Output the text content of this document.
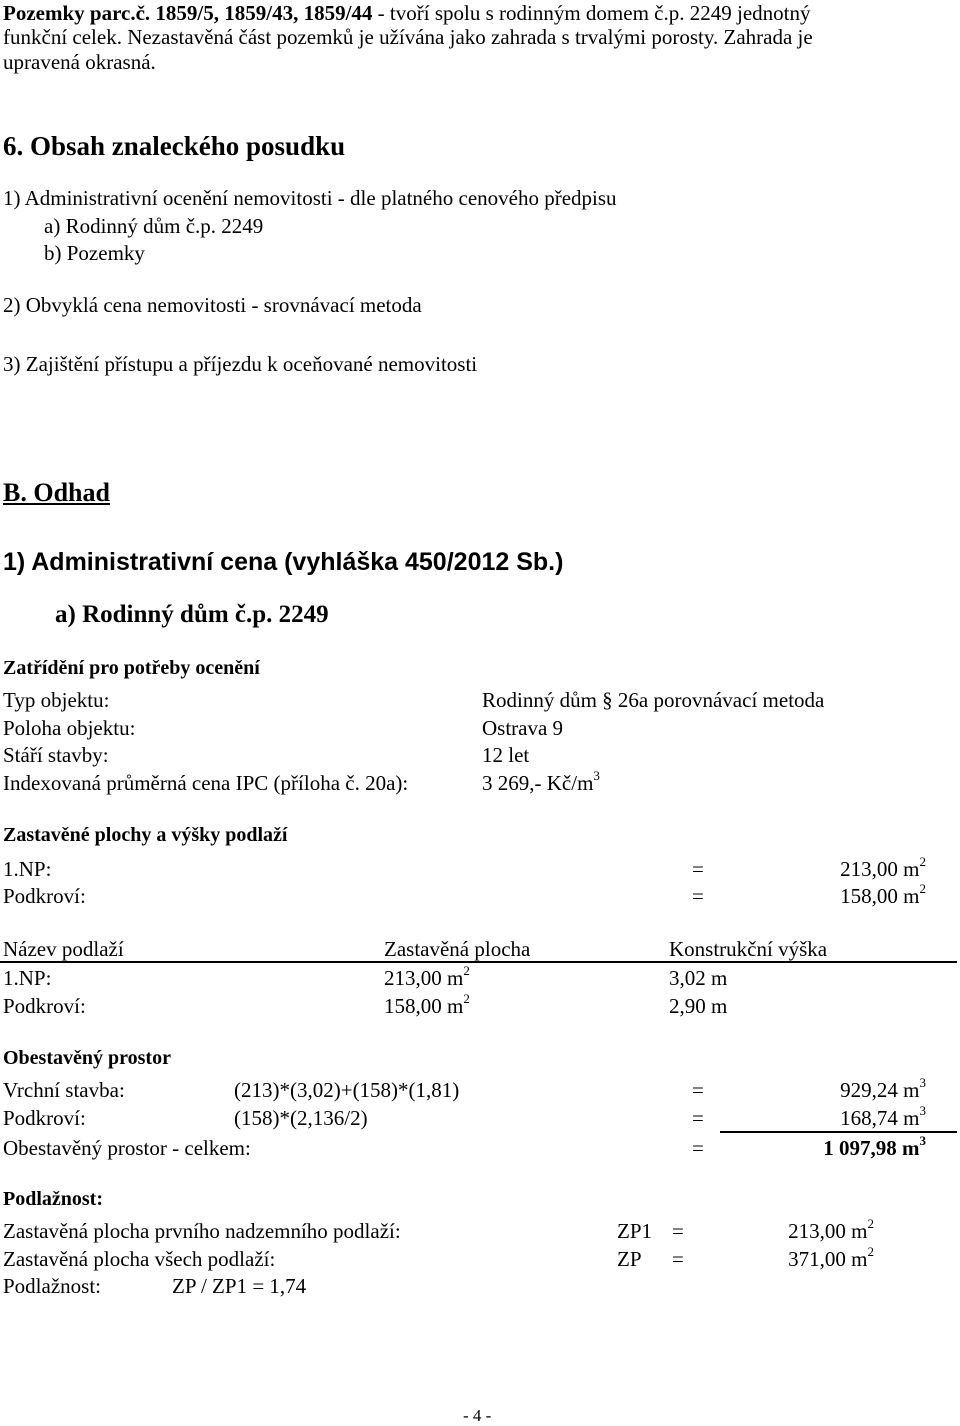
Pozemky parc.č. 1859/5, 1859/43, 1859/44 - tvoří spolu s rodinným domem č.p. 2249 jednotný
funkční celek. Nezastavěná část pozemků je užívána jako zahrada s trvalými porosty. Zahrada je
upravená okrasná.
6. Obsah znaleckého posudku
1) Administrativní ocenění nemovitosti - dle platného cenového předpisu
a) Rodinný dům č.p. 2249
b) Pozemky
2) Obvyklá cena nemovitosti - srovnávací metoda
3) Zajištění přístupu a příjezdu k oceňované nemovitosti
B. Odhad
1) Administrativní cena (vyhláška 450/2012 Sb.)
a) Rodinný dům č.p. 2249
Zatřídění pro potřeby ocenění
Typ objektu:	Rodinný dům § 26a porovnávací metoda
Poloha objektu:	Ostrava 9
Stáří stavby:	12 let
Indexovaná průměrná cena IPC (příloha č. 20a):	3 269,- $Kč/m^3$
Zastavěné plochy a výšky podlaží
1.NP:	=	213,00 $m^2$
Podkroví:	=	158,00 $m^2$
Název podlaží	Zastavěná plocha	Konstrukční výška
1.NP:	213,00 $m^2$	3,02 m
Podkroví:	158,00 $m^2$	2,90 m
Obestavěný prostor
Vrchní stavba:	(213)*(3,02)+(158)*(1,81)	=	929,24 $m^3$
Podkroví:	(158)*(2,136/2)	=	168,74 $m^3$
Obestavěný prostor - celkem:	=	1 097,98 $m^3$
Podlažnost:
Zastavěná plocha prvního nadzemního podlaží:	ZP1 =	213,00 $m^2$
Zastavěná plocha všech podlaží:	ZP =	371,00 $m^2$
Podlažnost:	ZP / ZP1 = 1,74
- 4 -
